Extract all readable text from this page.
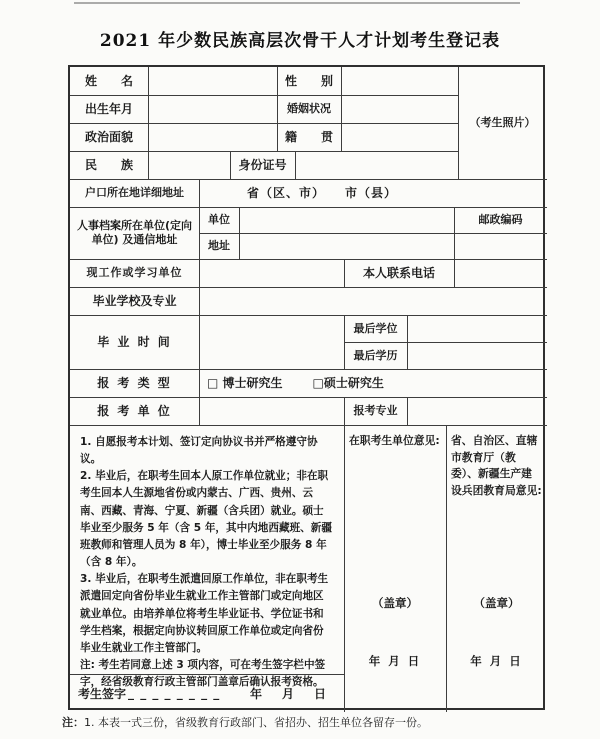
2021 年少数民族高层次骨干人才计划考生登记表
姓　　名	性　　别
出生年月	婚姻状况
政治面貌	籍　　贯
民　　族	身份证号
（考生照片）
户口所在地详细地址	省（区、市）　　市（县）
人事档案所在单位(定向单位) 及通信地址
单位
地址
邮政编码
现工作或学习单位	本人联系电话
毕业学校及专业
毕 业 时 间
最后学位
最后学历
报 考 类 型	□ 博士研究生	□硕士研究生
报 考 单 位	报考专业

1. 自愿报考本计划、签订定向协议书并严格遵守协议。

2. 毕业后，在职考生回本人原工作单位就业；非在职考生回本人生源地省份或内蒙古、广西、贵州、云南、西藏、青海、宁夏、新疆（含兵团）就业。硕士毕业至少服务 5 年（含 5 年，其中内地西藏班、新疆班教师和管理人员为 8 年），博士毕业至少服务 8 年（含 8 年）。

3. 毕业后，在职考生派遣回原工作单位，非在职考生派遣回定向省份毕业生就业工作主管部门或定向地区就业单位。由培养单位将考生毕业证书、学位证书和学生档案，根据定向协议转回原工作单位或定向省份毕业生就业工作主管部门。

注: 考生若同意上述 3 项内容，可在考生签字栏中签字，经省级教育行政主管部门盖章后确认报考资格。

在职考生单位意见:
（盖章）
年 月 日
省、自治区、直辖市教育厅（教委）、新疆生产建设兵团教育局意见:
（盖章）
年 月 日
考生签字 _ _ _ _ _ _ _ _ 年　月　日
注：1. 本表一式三份，省级教育行政部门、省招办、招生单位各留存一份。
